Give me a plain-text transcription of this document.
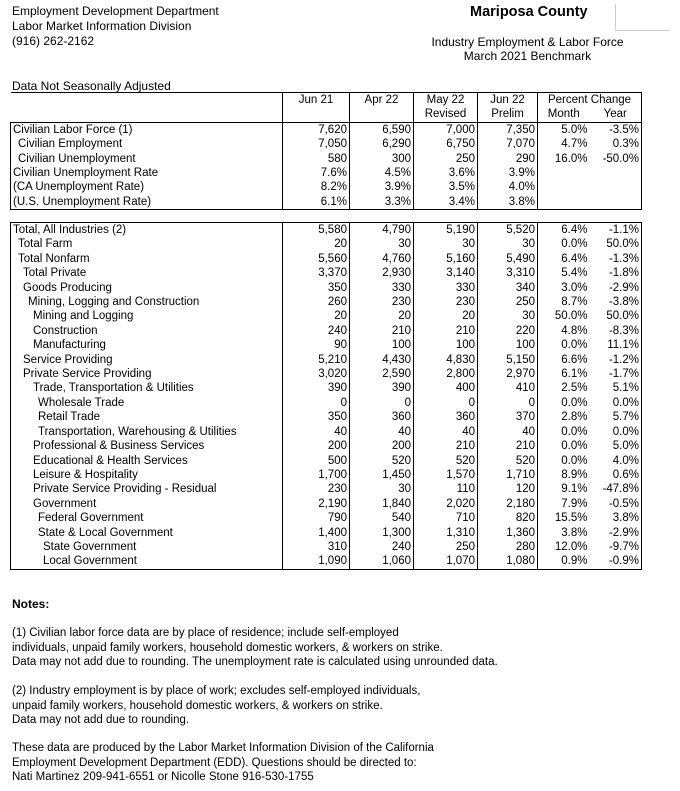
Employment Development Department
Labor Market Information Division
(916) 262-2162
Mariposa County
Industry Employment & Labor Force
March 2021 Benchmark
Data Not Seasonally Adjusted
	Jun 21	Apr 22	May 22	Jun 22	Percent Change	
			Revised	Prelim	Month	Year
Civilian Labor Force (1)	7,620	6,590	7,000	7,350	5.0%	-3.5%
Civilian Employment	7,050	6,290	6,750	7,070	4.7%	0.3%
Civilian Unemployment	580	300	250	290	16.0%	-50.0%
Civilian Unemployment Rate	7.6%	4.5%	3.6%	3.9%		
(CA Unemployment Rate)	8.2%	3.9%	3.5%	4.0%		
(U.S. Unemployment Rate)	6.1%	3.3%	3.4%	3.8%		
Total, All Industries (2)	5,580	4,790	5,190	5,520	6.4%	-1.1%
Total Farm	20	30	30	30	0.0%	50.0%
Total Nonfarm	5,560	4,760	5,160	5,490	6.4%	-1.3%
Total Private	3,370	2,930	3,140	3,310	5.4%	-1.8%
Goods Producing	350	330	330	340	3.0%	-2.9%
Mining, Logging and Construction	260	230	230	250	8.7%	-3.8%
Mining and Logging	20	20	20	30	50.0%	50.0%
Construction	240	210	210	220	4.8%	-8.3%
Manufacturing	90	100	100	100	0.0%	11.1%
Service Providing	5,210	4,430	4,830	5,150	6.6%	-1.2%
Private Service Providing	3,020	2,590	2,800	2,970	6.1%	-1.7%
Trade, Transportation & Utilities	390	390	400	410	2.5%	5.1%
Wholesale Trade	0	0	0	0	0.0%	0.0%
Retail Trade	350	360	360	370	2.8%	5.7%
Transportation, Warehousing & Utilities	40	40	40	40	0.0%	0.0%
Professional & Business Services	200	200	210	210	0.0%	5.0%
Educational & Health Services	500	520	520	520	0.0%	4.0%
Leisure & Hospitality	1,700	1,450	1,570	1,710	8.9%	0.6%
Private Service Providing - Residual	230	30	110	120	9.1%	-47.8%
Government	2,190	1,840	2,020	2,180	7.9%	-0.5%
Federal Government	790	540	710	820	15.5%	3.8%
State & Local Government	1,400	1,300	1,310	1,360	3.8%	-2.9%
State Government	310	240	250	280	12.0%	-9.7%
Local Government	1,090	1,060	1,070	1,080	0.9%	-0.9%
Notes:
(1) Civilian labor force data are by place of residence; include self-employed
individuals, unpaid family workers, household domestic workers, & workers on strike.
Data may not add due to rounding. The unemployment rate is calculated using unrounded data.
(2) Industry employment is by place of work; excludes self-employed individuals,
unpaid family workers, household domestic workers, & workers on strike.
Data may not add due to rounding.
These data are produced by the Labor Market Information Division of the California
Employment Development Department (EDD). Questions should be directed to:
Nati Martinez 209-941-6551 or Nicolle Stone 916-530-1755
